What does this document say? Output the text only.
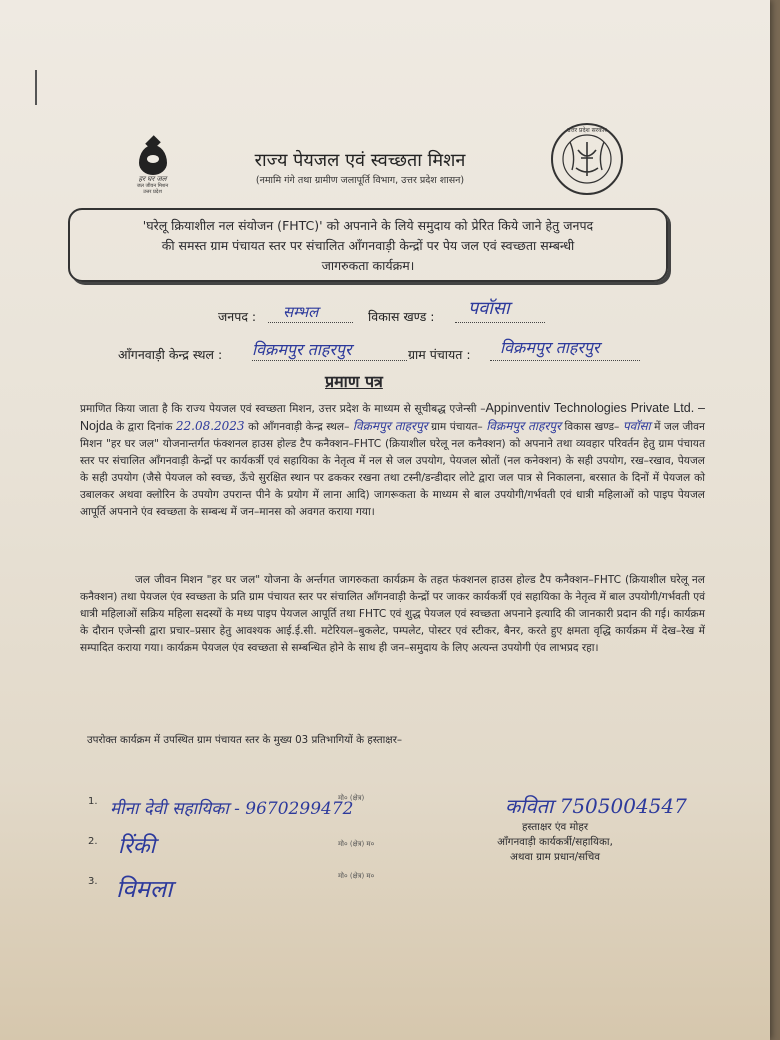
हर घर जल
जल जीवन मिशन
उत्तर प्रदेश
उत्तर प्रदेश सरकार
राज्य पेयजल एवं स्वच्छता मिशन
(नमामि गंगे तथा ग्रामीण जलापूर्ति विभाग, उत्तर प्रदेश शासन)
'घरेलू क्रियाशील नल संयोजन (FHTC)' को अपनाने के लिये समुदाय को प्रेरित किये जाने हेतु जनपद
की समस्त ग्राम पंचायत स्तर पर संचालित आँगनवाड़ी केन्द्रों पर पेय जल एवं स्वच्छता सम्बन्धी
जागरुकता कार्यक्रम।
जनपद : सम्भल	विकास खण्ड : पवॉसा
आँगनवाड़ी केन्द्र स्थल : विक्रमपुर ताहरपुर	ग्राम पंचायत : विक्रमपुर ताहरपुर
प्रमाण पत्र
प्रमाणित किया जाता है कि राज्य पेयजल एवं स्वच्छता मिशन, उत्तर प्रदेश के माध्यम से सूचीबद्ध एजेन्सी –Appinventiv Technologies Private Ltd. – Nojda के द्वारा दिनांक 22.08.2023 को आँगनवाड़ी केन्द्र स्थल– विक्रमपुर ताहरपुर ग्राम पंचायत– विक्रमपुर ताहरपुर विकास खण्ड– पवॉसा में जल जीवन मिशन "हर घर जल" योजनान्तर्गत फंक्शनल हाउस होल्ड टैप कनैक्शन–FHTC (क्रियाशील घरेलू नल कनैक्शन) को अपनाने तथा व्यवहार परिवर्तन हेतु ग्राम पंचायत स्तर पर संचालित आँगनवाड़ी केन्द्रों पर कार्यकर्त्री एवं सहायिका के नेतृत्व में नल से जल उपयोग, पेयजल स्रोतों (नल कनेक्शन) के सही उपयोग, रख–रखाव, पेयजल के सही उपयोग (जैसे पेयजल को स्वच्छ, ऊँचे सुरक्षित स्थान पर ढककर रखना तथा टस्नी/डन्डीदार लोटे द्वारा जल पात्र से निकालना, बरसात के दिनों में पेयजल को उबालकर अथवा क्लोरिन के उपयोग उपरान्त पीने के प्रयोग में लाना आदि) जागरूकता के माध्यम से बाल उपयोगी/गर्भवती एवं धात्री महिलाओं को पाइप पेयजल आपूर्ति अपनाने एंव स्वच्छता के सम्बन्ध में जन–मानस को अवगत कराया गया।
जल जीवन मिशन "हर घर जल" योजना के अर्न्तगत जागरुकता कार्यक्रम के तहत फंक्शनल हाउस होल्ड टैप कनैक्शन–FHTC (क्रियाशील घरेलू नल कनैक्शन) तथा पेयजल एंव स्वच्छता के प्रति ग्राम पंचायत स्तर पर संचालित आँगनवाड़ी केन्द्रों पर जाकर कार्यकर्त्री एवं सहायिका के नेतृत्व में बाल उपयोगी/गर्भवती एवं धात्री महिलाओं सक्रिय महिला सदस्यों के मध्य पाइप पेयजल आपूर्ति तथा FHTC एवं शुद्ध पेयजल एवं स्वच्छता अपनाने इत्यादि की जानकारी प्रदान की गई। कार्यक्रम के दौरान एजेन्सी द्वारा प्रचार–प्रसार हेतु आवश्यक आई.ई.सी. मटेरियल–बुकलेट, पम्पलेट, पोस्टर एवं स्टीकर, बैनर, करते हुए क्षमता वृद्धि कार्यक्रम में देख–रेख में सम्पादित कराया गया। कार्यक्रम पेयजल एंव स्वच्छता से सम्बन्धित होने के साथ ही जन–समुदाय के लिए अत्यन्त उपयोगी एंव लाभप्रद रहा।
उपरोक्त कार्यक्रम में उपस्थित ग्राम पंचायत स्तर के मुख्य 03 प्रतिभागियों के हस्ताक्षर–
1. मीना देवी सहायिका - 9670299472
मो० (क्षेत्र)
2. रिंकी	मो० (क्षेत्र) म०
3. विमला	मो० (क्षेत्र) म०
कविता 7505004547
हस्ताक्षर एंव मोहर
आँगनवाड़ी कार्यकर्त्री/सहायिका,
अथवा ग्राम प्रधान/सचिव
